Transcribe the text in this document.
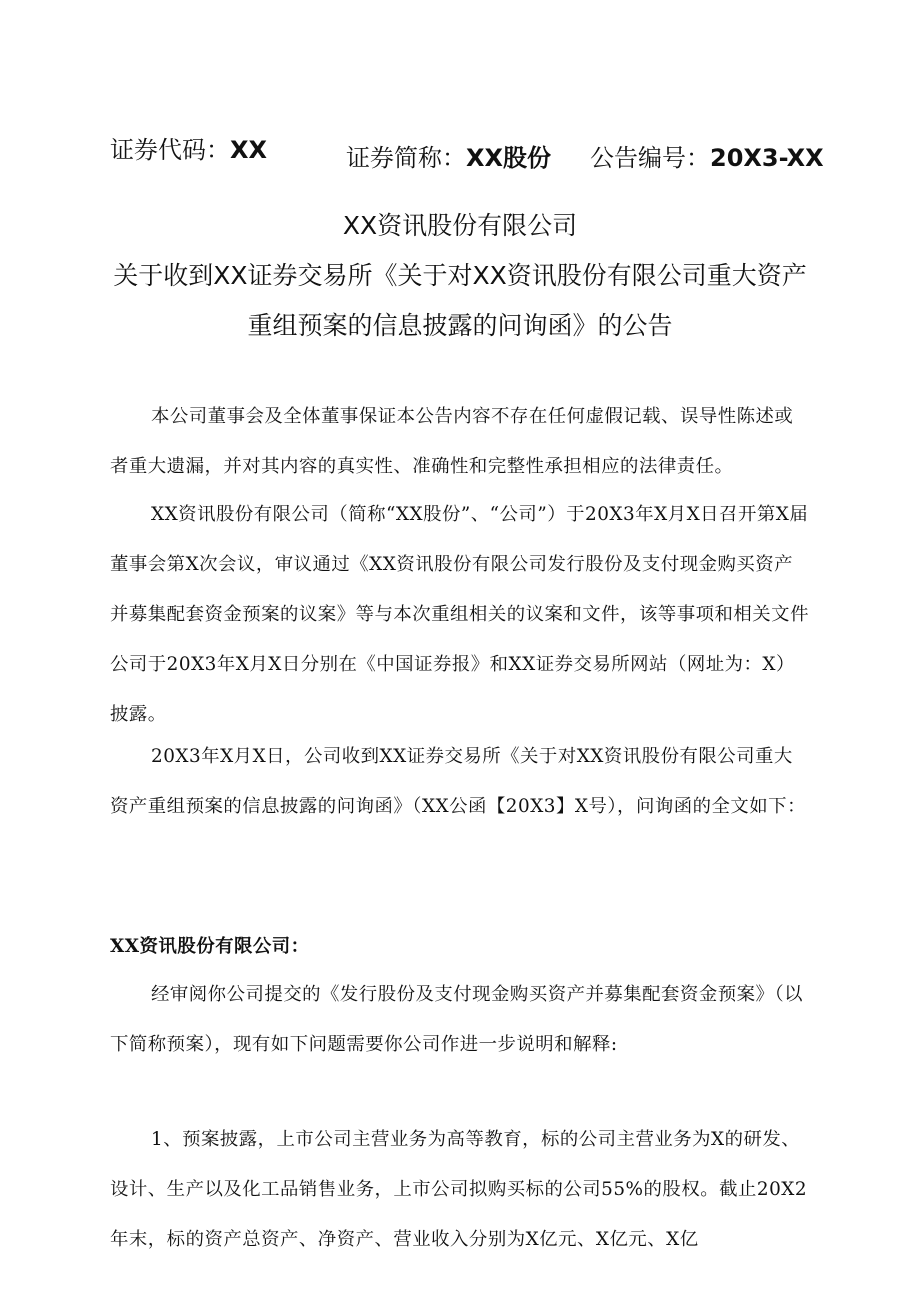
证券代码：XX	证券简称：XX股份 公告编号：20X3-XX
XX资讯股份有限公司
关于收到XX证券交易所《关于对XX资讯股份有限公司重大资产
重组预案的信息披露的问询函》的公告

本公司董事会及全体董事保证本公告内容不存在任何虚假记载、误导性陈述或者重大遗漏，并对其内容的真实性、准确性和完整性承担相应的法律责任。

XX资讯股份有限公司（简称“XX股份”、“公司”）于20X3年X月X日召开第X届董事会第X次会议，审议通过《XX资讯股份有限公司发行股份及支付现金购买资产并募集配套资金预案的议案》等与本次重组相关的议案和文件，该等事项和相关文件公司于20X3年X月X日分别在《中国证券报》和XX证券交易所网站（网址为：X）披露。

20X3年X月X日，公司收到XX证券交易所《关于对XX资讯股份有限公司重大资产重组预案的信息披露的问询函》（XX公函【20X3】X号），问询函的全文如下：

XX资讯股份有限公司：

经审阅你公司提交的《发行股份及支付现金购买资产并募集配套资金预案》（以下简称预案），现有如下问题需要你公司作进一步说明和解释:

1、预案披露，上市公司主营业务为高等教育，标的公司主营业务为X的研发、设计、生产以及化工品销售业务，上市公司拟购买标的公司55%的股权。截止20X2年末，标的资产总资产、净资产、营业收入分别为X亿元、X亿元、X亿
